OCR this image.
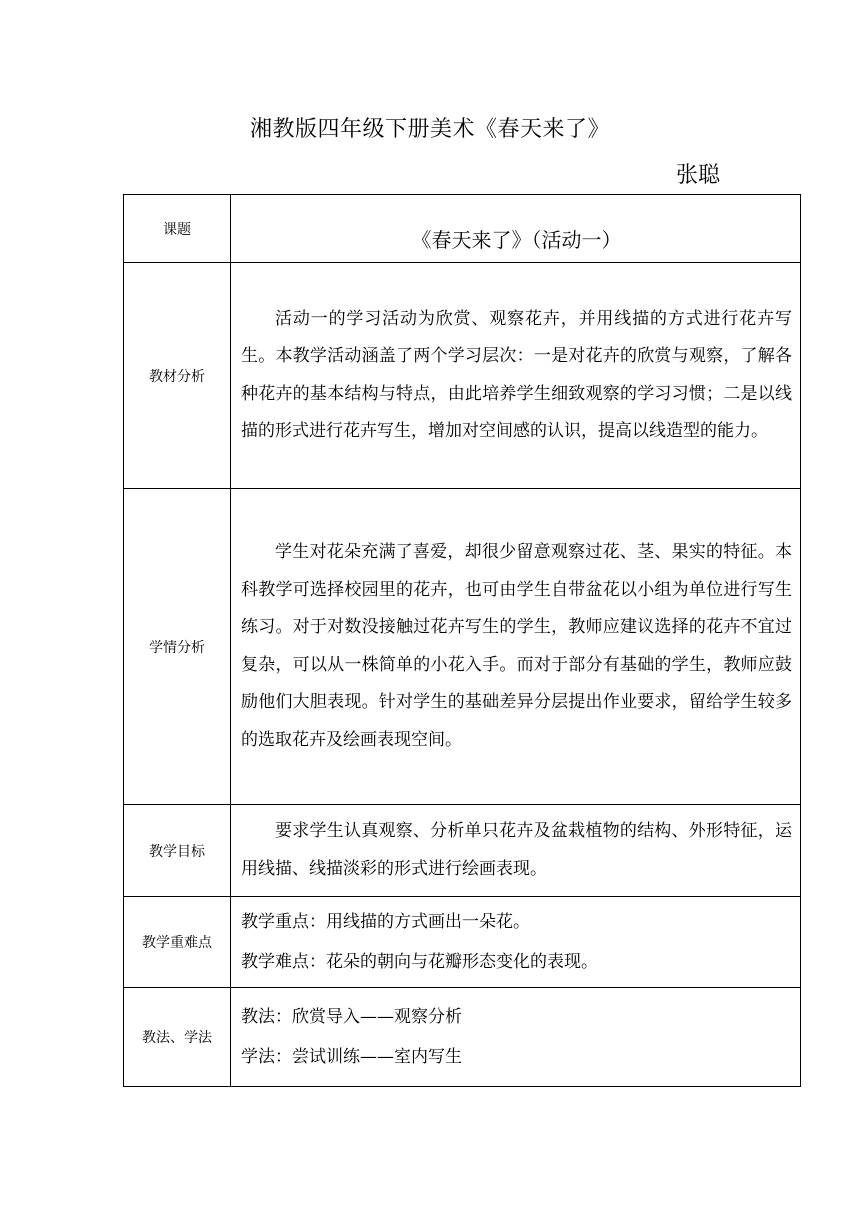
湘教版四年级下册美术《春天来了》
张聪
课题	《春天来了》（活动一）

教材分析	活动一的学习活动为欣赏、观察花卉，并用线描的方式进行花卉写生。本教学活动涵盖了两个学习层次：一是对花卉的欣赏与观察，了解各种花卉的基本结构与特点，由此培养学生细致观察的学习习惯；二是以线描的形式进行花卉写生，增加对空间感的认识，提高以线造型的能力。

学情分析	学生对花朵充满了喜爱，却很少留意观察过花、茎、果实的特征。本科教学可选择校园里的花卉，也可由学生自带盆花以小组为单位进行写生练习。对于对数没接触过花卉写生的学生，教师应建议选择的花卉不宜过复杂，可以从一株简单的小花入手。而对于部分有基础的学生，教师应鼓励他们大胆表现。针对学生的基础差异分层提出作业要求，留给学生较多的选取花卉及绘画表现空间。

教学目标	要求学生认真观察、分析单只花卉及盆栽植物的结构、外形特征，运用线描、线描淡彩的形式进行绘画表现。

教学重难点	教学重点：用线描的方式画出一朵花。

教学难点：花朵的朝向与花瓣形态变化的表现。

教法、学法	教法：欣赏导入——观察分析

学法：尝试训练——室内写生
